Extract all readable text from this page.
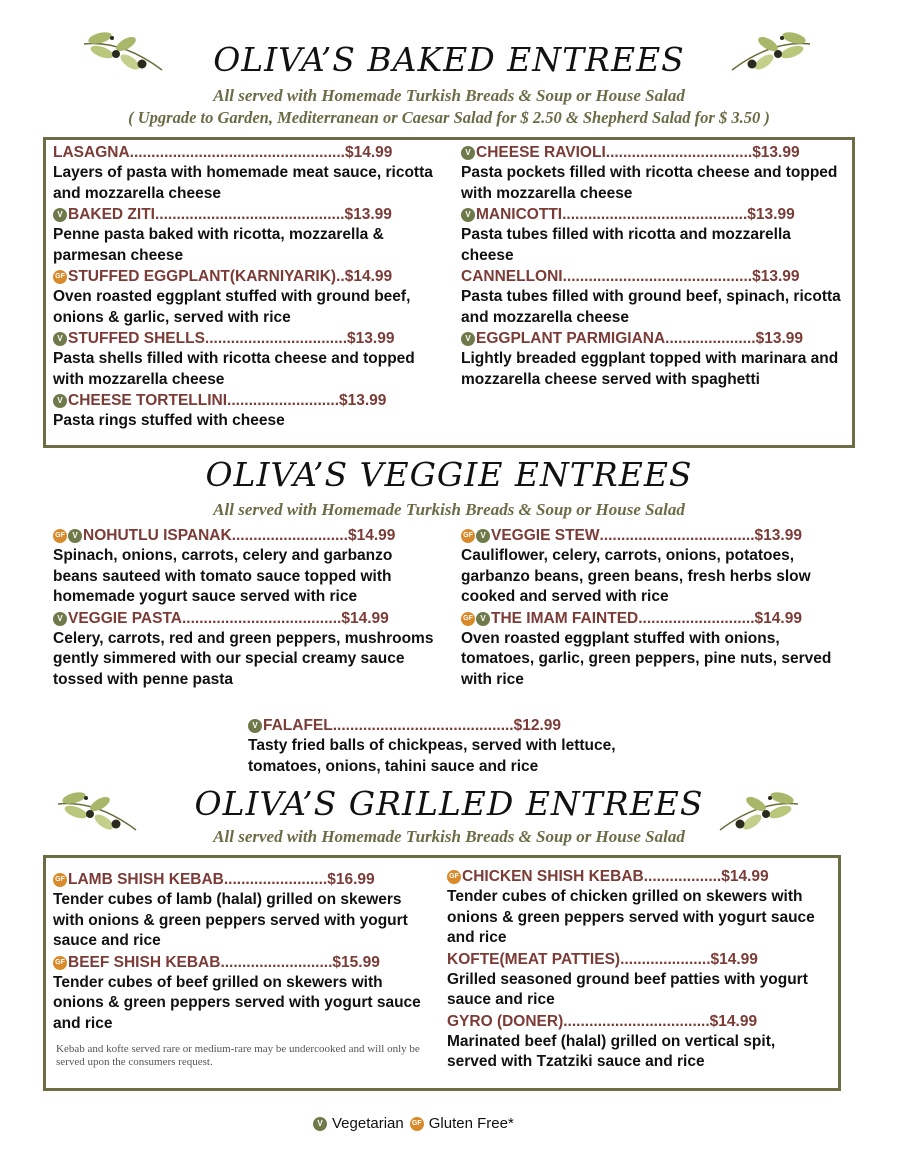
OLIVA’S BAKED ENTREES
All served with Homemade Turkish Breads & Soup or House Salad
( Upgrade to Garden, Mediterranean or Caesar Salad for $ 2.50 & Shepherd Salad for $ 3.50 )
LASAGNA .................................................. $14.99
Layers of pasta with homemade meat sauce, ricotta and mozzarella cheese
V BAKED ZITI ............................................ $13.99
Penne pasta baked with ricotta, mozzarella & parmesan cheese
GF STUFFED EGGPLANT(KARNIYARIK).. $14.99
Oven roasted eggplant stuffed with ground beef, onions & garlic, served with rice
V STUFFED SHELLS ................................. $13.99
Pasta shells filled with ricotta cheese and topped with mozzarella cheese
V CHEESE TORTELLINI .......................... $13.99
Pasta rings stuffed with cheese
V CHEESE RAVIOLI .................................. $13.99
Pasta pockets filled with ricotta cheese and topped with mozzarella cheese
V MANICOTTI ........................................... $13.99
Pasta tubes filled with ricotta and mozzarella cheese
CANNELLONI ............................................ $13.99
Pasta tubes filled with ground beef, spinach, ricotta and mozzarella cheese
V EGGPLANT PARMIGIANA ..................... $13.99
Lightly breaded eggplant topped with marinara and mozzarella cheese served with spaghetti
OLIVA’S VEGGIE ENTREES
All served with Homemade Turkish Breads & Soup or House Salad
GF V NOHUTLU ISPANAK ........................... $14.99
Spinach, onions, carrots, celery and garbanzo beans sauteed with tomato sauce topped with homemade yogurt sauce served with rice
V VEGGIE PASTA ..................................... $14.99
Celery, carrots, red and green peppers, mushrooms gently simmered with our special creamy sauce tossed with penne pasta
GF V VEGGIE STEW .................................... $13.99
Cauliflower, celery, carrots, onions, potatoes, garbanzo beans, green beans, fresh herbs slow cooked and served with rice
GF V THE IMAM FAINTED ........................... $14.99
Oven roasted eggplant stuffed with onions, tomatoes, garlic, green peppers, pine nuts, served with rice
V FALAFEL .......................................... $12.99
Tasty fried balls of chickpeas, served with lettuce, tomatoes, onions, tahini sauce and rice
OLIVA’S GRILLED ENTREES
All served with Homemade Turkish Breads & Soup or House Salad
GF LAMB SHISH KEBAB ........................ $16.99
Tender cubes of lamb (halal) grilled on skewers with onions & green peppers served with yogurt sauce and rice
GF BEEF SHISH KEBAB .......................... $15.99
Tender cubes of beef grilled on skewers with onions & green peppers served with yogurt sauce and rice
Kebab and kofte served rare or medium-rare may be undercooked and will only be served upon the consumers request.
GF CHICKEN SHISH KEBAB .................. $14.99
Tender cubes of chicken grilled on skewers with onions & green peppers served with yogurt sauce and rice
KOFTE(MEAT PATTIES) ..................... $14.99
Grilled seasoned ground beef patties with yogurt sauce and rice
GYRO (DONER) .................................. $14.99
Marinated beef (halal) grilled on vertical spit, served with Tzatziki sauce and rice
V Vegetarian	GF Gluten Free*
